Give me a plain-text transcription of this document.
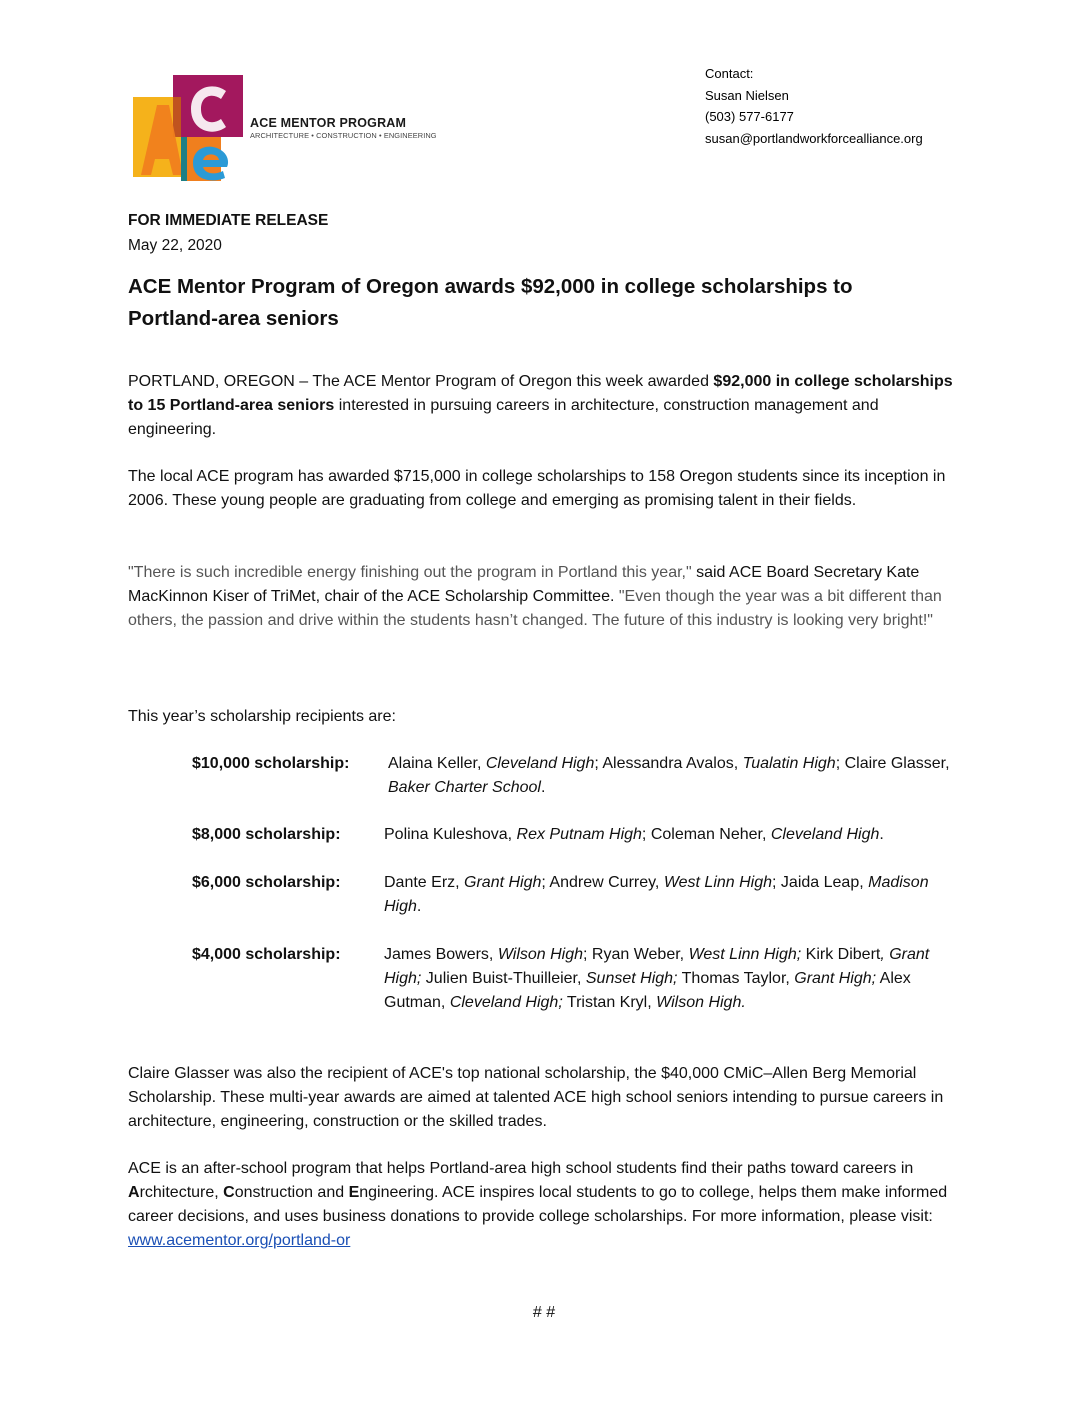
ACE MENTOR PROGRAM
ARCHITECTURE • CONSTRUCTION • ENGINEERING
Contact:
Susan Nielsen
(503) 577-6177
susan@portlandworkforcealliance.org
FOR IMMEDIATE RELEASE
May 22, 2020
ACE Mentor Program of Oregon awards $92,000 in college scholarships to
Portland-area seniors
PORTLAND, OREGON – The ACE Mentor Program of Oregon this week awarded $92,000 in college scholarships to 15 Portland-area seniors interested in pursuing careers in architecture, construction management and engineering.
The local ACE program has awarded $715,000 in college scholarships to 158 Oregon students since its inception in 2006. These young people are graduating from college and emerging as promising talent in their fields.
"There is such incredible energy finishing out the program in Portland this year," said ACE Board Secretary Kate MacKinnon Kiser of TriMet, chair of the ACE Scholarship Committee. "Even though the year was a bit different than others, the passion and drive within the students hasn’t changed. The future of this industry is looking very bright!"
This year’s scholarship recipients are:
$10,000 scholarship: Alaina Keller, Cleveland High; Alessandra Avalos, Tualatin High; Claire Glasser, Baker Charter School.
$8,000 scholarship:	Polina Kuleshova, Rex Putnam High; Coleman Neher, Cleveland High.
$6,000 scholarship:	Dante Erz, Grant High; Andrew Currey, West Linn High; Jaida Leap, Madison High.
$4,000 scholarship:	James Bowers, Wilson High; Ryan Weber, West Linn High; Kirk Dibert, Grant High; Julien Buist-Thuilleier, Sunset High; Thomas Taylor, Grant High; Alex Gutman, Cleveland High; Tristan Kryl, Wilson High.
Claire Glasser was also the recipient of ACE's top national scholarship, the $40,000 CMiC–Allen Berg Memorial Scholarship. These multi-year awards are aimed at talented ACE high school seniors intending to pursue careers in architecture, engineering, construction or the skilled trades.
ACE is an after-school program that helps Portland-area high school students find their paths toward careers in Architecture, Construction and Engineering. ACE inspires local students to go to college, helps them make informed career decisions, and uses business donations to provide college scholarships. For more information, please visit: www.acementor.org/portland-or
# #
